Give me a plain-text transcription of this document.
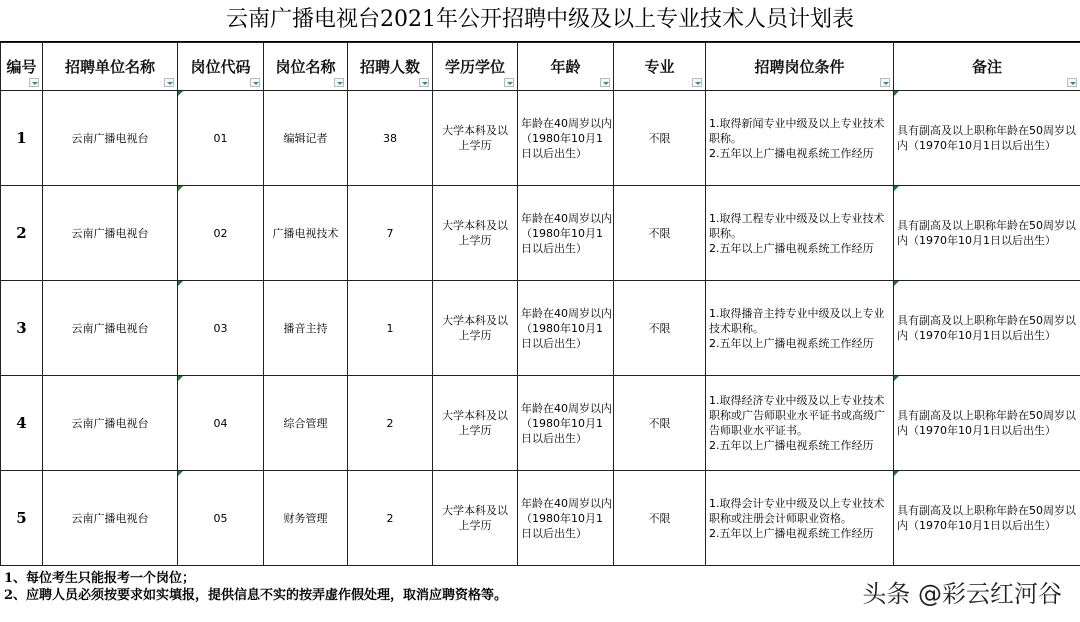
云南广播电视台2021年公开招聘中级及以上专业技术人员计划表
编号	招聘单位名称	岗位代码	岗位名称	招聘人数	学历学位	年龄	专业	招聘岗位条件	备注

1	云南广播电视台	01	编辑记者	38	大学本科及以上学历	年龄在40周岁以内（1980年10月1日以后出生）	不限	1.取得新闻专业中级及以上专业技术职称。
2.五年以上广播电视系统工作经历	具有副高及以上职称年龄在50周岁以内（1970年10月1日以后出生）
2	云南广播电视台	02	广播电视技术	7	大学本科及以上学历	年龄在40周岁以内（1980年10月1日以后出生）	不限	1.取得工程专业中级及以上专业技术职称。
2.五年以上广播电视系统工作经历	具有副高及以上职称年龄在50周岁以内（1970年10月1日以后出生）
3	云南广播电视台	03	播音主持	1	大学本科及以上学历	年龄在40周岁以内（1980年10月1日以后出生）	不限	1.取得播音主持专业中级及以上专业技术职称。
2.五年以上广播电视系统工作经历	具有副高及以上职称年龄在50周岁以内（1970年10月1日以后出生）
4	云南广播电视台	04	综合管理	2	大学本科及以上学历	年龄在40周岁以内（1980年10月1日以后出生）	不限	1.取得经济专业中级及以上专业技术职称或广告师职业水平证书或高级广告师职业水平证书。
2.五年以上广播电视系统工作经历	具有副高及以上职称年龄在50周岁以内（1970年10月1日以后出生）
5	云南广播电视台	05	财务管理	2	大学本科及以上学历	年龄在40周岁以内（1980年10月1日以后出生）	不限	1.取得会计专业中级及以上专业技术职称或注册会计师职业资格。
2.五年以上广播电视系统工作经历	具有副高及以上职称年龄在50周岁以内（1970年10月1日以后出生）
1、每位考生只能报考一个岗位；
2、应聘人员必须按要求如实填报，提供信息不实的按弄虚作假处理，取消应聘资格等。	头条 @彩云红河谷
